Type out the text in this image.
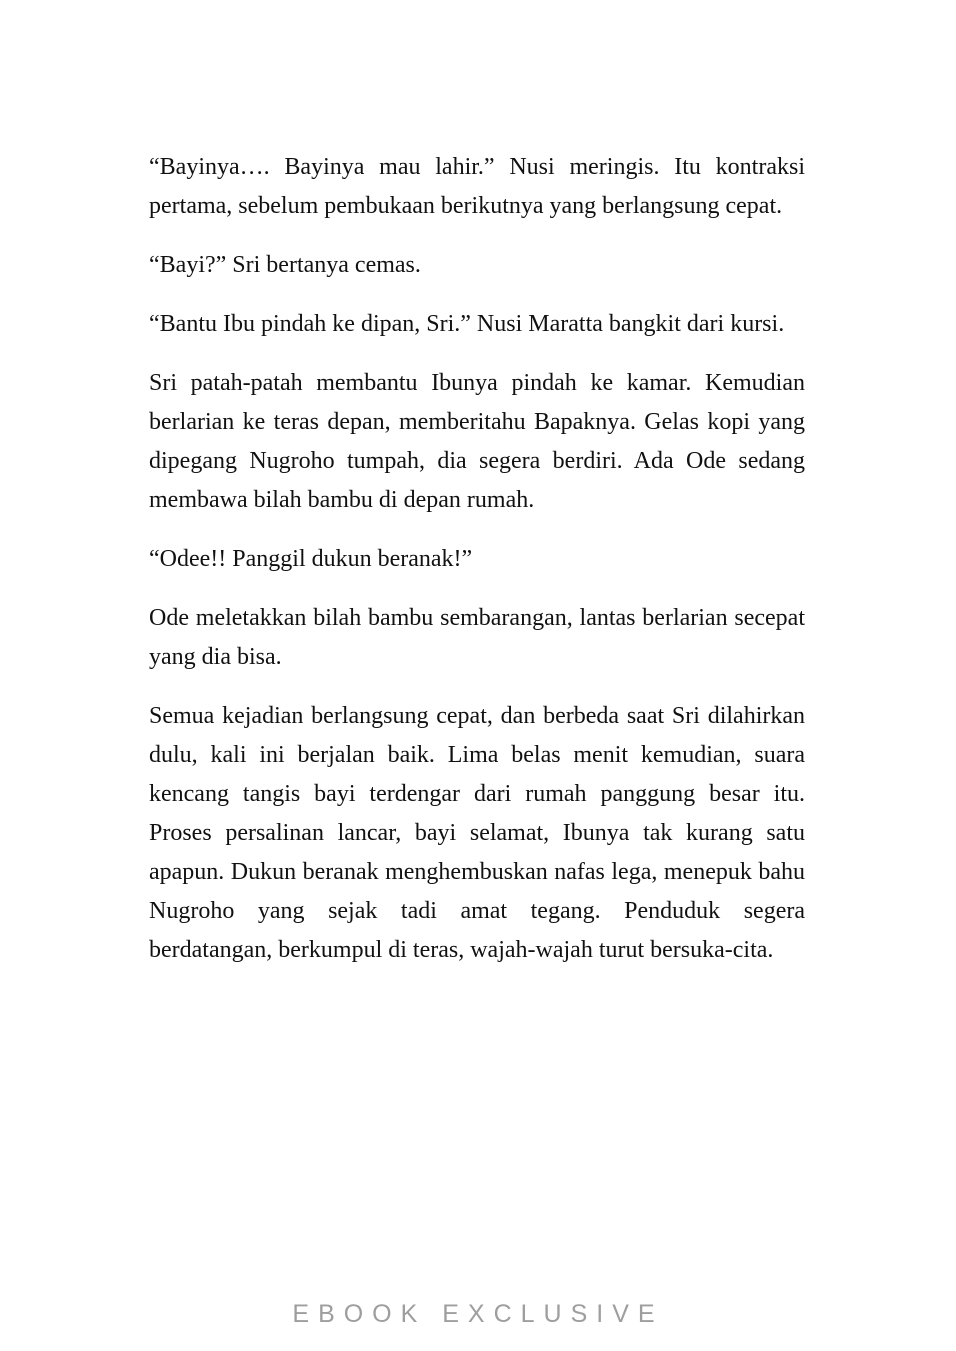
“Bayinya…. Bayinya mau lahir.” Nusi meringis. Itu kontraksi pertama, sebelum pembukaan berikutnya yang berlangsung cepat.

“Bayi?” Sri bertanya cemas.

“Bantu Ibu pindah ke dipan, Sri.” Nusi Maratta bangkit dari kursi.

Sri patah-patah membantu Ibunya pindah ke kamar. Kemudian berlarian ke teras depan, memberitahu Bapaknya. Gelas kopi yang dipegang Nugroho tumpah, dia segera berdiri. Ada Ode sedang membawa bilah bambu di depan rumah.

“Odee!! Panggil dukun beranak!”

Ode meletakkan bilah bambu sembarangan, lantas berlarian secepat yang dia bisa.

Semua kejadian berlangsung cepat, dan berbeda saat Sri dilahirkan dulu, kali ini berjalan baik. Lima belas menit kemudian, suara kencang tangis bayi terdengar dari rumah panggung besar itu. Proses persalinan lancar, bayi selamat, Ibunya tak kurang satu apapun. Dukun beranak menghembuskan nafas lega, menepuk bahu Nugroho yang sejak tadi amat tegang. Penduduk segera berdatangan, berkumpul di teras, wajah-wajah turut bersuka-cita.

EBOOK EXCLUSIVE
